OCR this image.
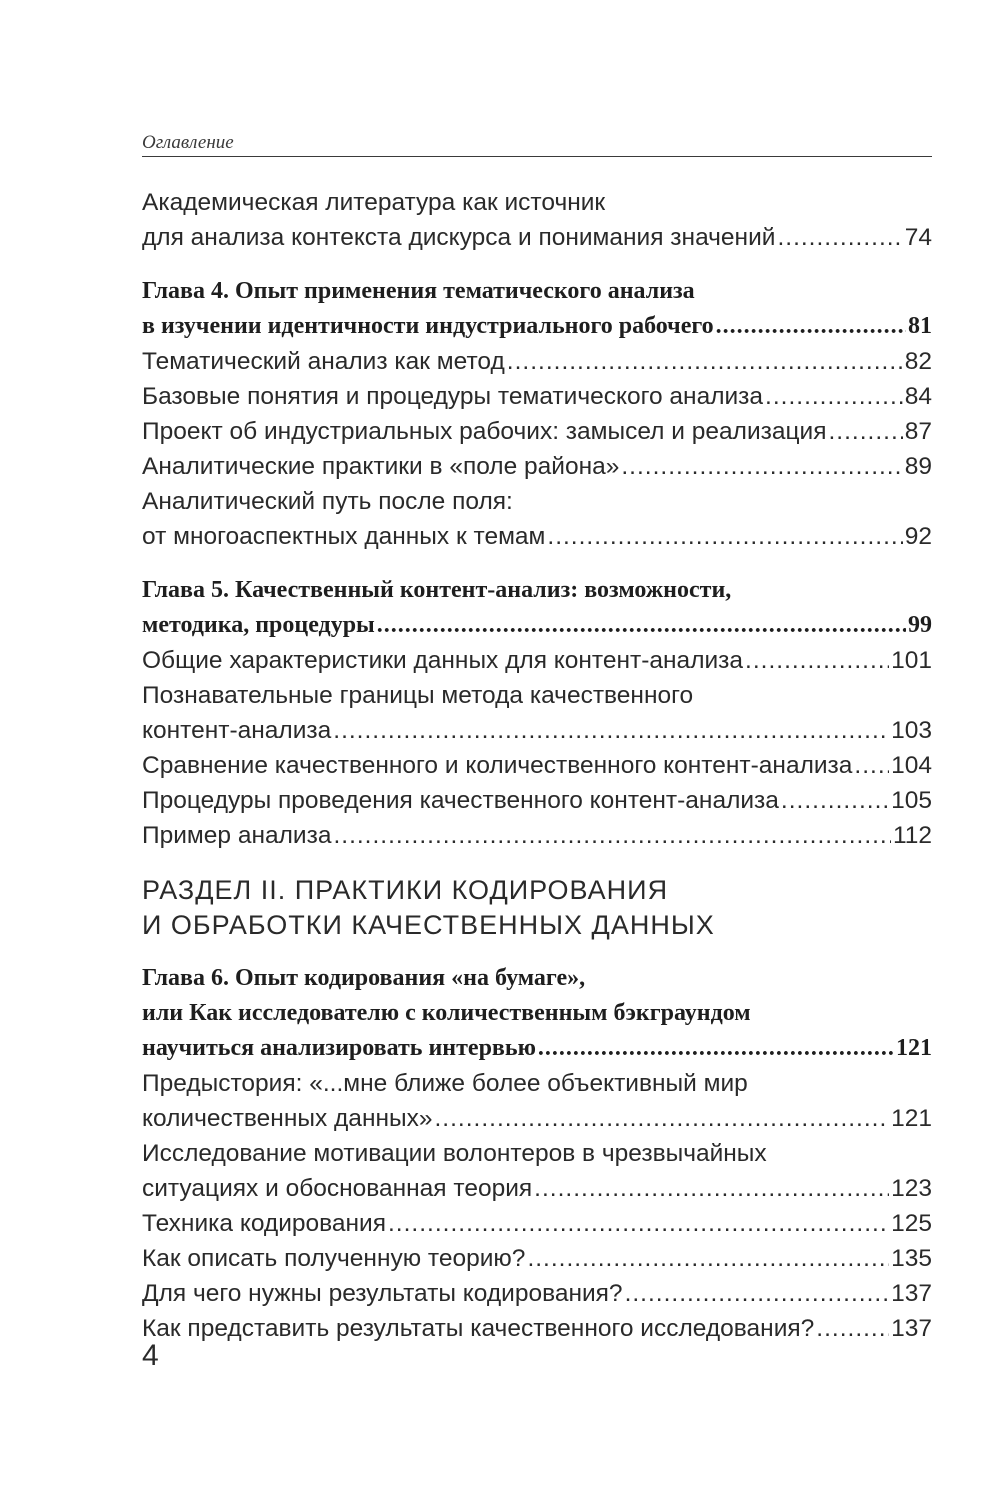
Оглавление
Академическая литература как источник
для анализа контекста дискурса и понимания значений .....	74
Глава 4. Опыт применения тематического анализа
в изучении идентичности индустриального рабочего .....	81
Тематический анализ как метод .....	82
Базовые понятия и процедуры тематического анализа .....	84
Проект об индустриальных рабочих: замысел и реализация .....	87
Аналитические практики в «поле района» .....	89
Аналитический путь после поля:
от многоаспектных данных к темам .....	92
Глава 5. Качественный контент-анализ: возможности,
методика, процедуры .....	99
Общие характеристики данных для контент-анализа .....	101
Познавательные границы метода качественного
контент-анализа .....	103
Сравнение качественного и количественного контент-анализа ..... 104
Процедуры проведения качественного контент-анализа .....	105
Пример анализа .....	112
РАЗДЕЛ II. ПРАКТИКИ КОДИРОВАНИЯ
И ОБРАБОТКИ КАЧЕСТВЕННЫХ ДАННЫХ
Глава 6. Опыт кодирования «на бумаге»,
или Как исследователю с количественным бэкграундом
научиться анализировать интервью .....	121
Предыстория: «...мне ближе более объективный мир
количественных данных» .....	121
Исследование мотивации волонтеров в чрезвычайных
ситуациях и обоснованная теория .....	123
Техника кодирования .....	125
Как описать полученную теорию? .....	135
Для чего нужны результаты кодирования? .....	137
Как представить результаты качественного исследования? .....	137
4
